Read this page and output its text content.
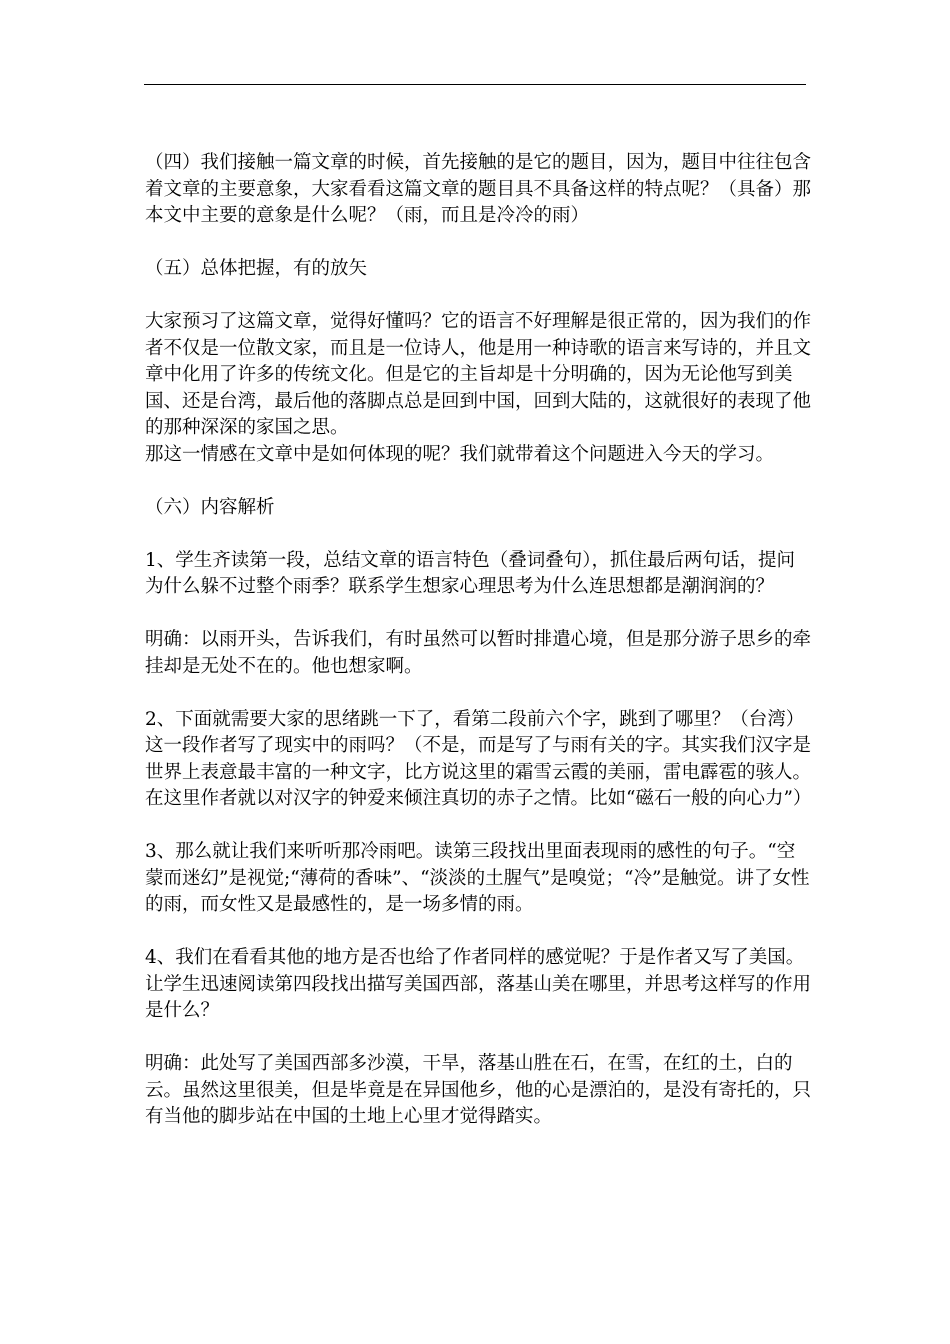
（四）我们接触一篇文章的时候，首先接触的是它的题目，因为，题目中往往包含着文章的主要意象，大家看看这篇文章的题目具不具备这样的特点呢？（具备）那本文中主要的意象是什么呢？（雨，而且是冷冷的雨）

（五）总体把握，有的放矢

大家预习了这篇文章，觉得好懂吗？它的语言不好理解是很正常的，因为我们的作者不仅是一位散文家，而且是一位诗人，他是用一种诗歌的语言来写诗的，并且文章中化用了许多的传统文化。但是它的主旨却是十分明确的，因为无论他写到美国、还是台湾，最后他的落脚点总是回到中国，回到大陆的，这就很好的表现了他的那种深深的家国之思。

那这一情感在文章中是如何体现的呢？我们就带着这个问题进入今天的学习。

（六）内容解析

1、学生齐读第一段，总结文章的语言特色（叠词叠句），抓住最后两句话，提问为什么躲不过整个雨季？联系学生想家心理思考为什么连思想都是潮润润的？

明确：以雨开头，告诉我们，有时虽然可以暂时排遣心境，但是那分游子思乡的牵挂却是无处不在的。他也想家啊。

2、下面就需要大家的思绪跳一下了，看第二段前六个字，跳到了哪里？（台湾）这一段作者写了现实中的雨吗？（不是，而是写了与雨有关的字。其实我们汉字是世界上表意最丰富的一种文字，比方说这里的霜雪云霞的美丽，雷电霹雹的骇人。在这里作者就以对汉字的钟爱来倾注真切的赤子之情。比如“磁石一般的向心力”）

3、那么就让我们来听听那冷雨吧。读第三段找出里面表现雨的感性的句子。“空蒙而迷幻”是视觉;“薄荷的香味”、“淡淡的土腥气”是嗅觉；“冷”是触觉。讲了女性的雨，而女性又是最感性的，是一场多情的雨。

4、我们在看看其他的地方是否也给了作者同样的感觉呢？于是作者又写了美国。让学生迅速阅读第四段找出描写美国西部，落基山美在哪里，并思考这样写的作用是什么？

明确：此处写了美国西部多沙漠，干旱，落基山胜在石，在雪，在红的土，白的云。虽然这里很美，但是毕竟是在异国他乡，他的心是漂泊的，是没有寄托的，只有当他的脚步站在中国的土地上心里才觉得踏实。
